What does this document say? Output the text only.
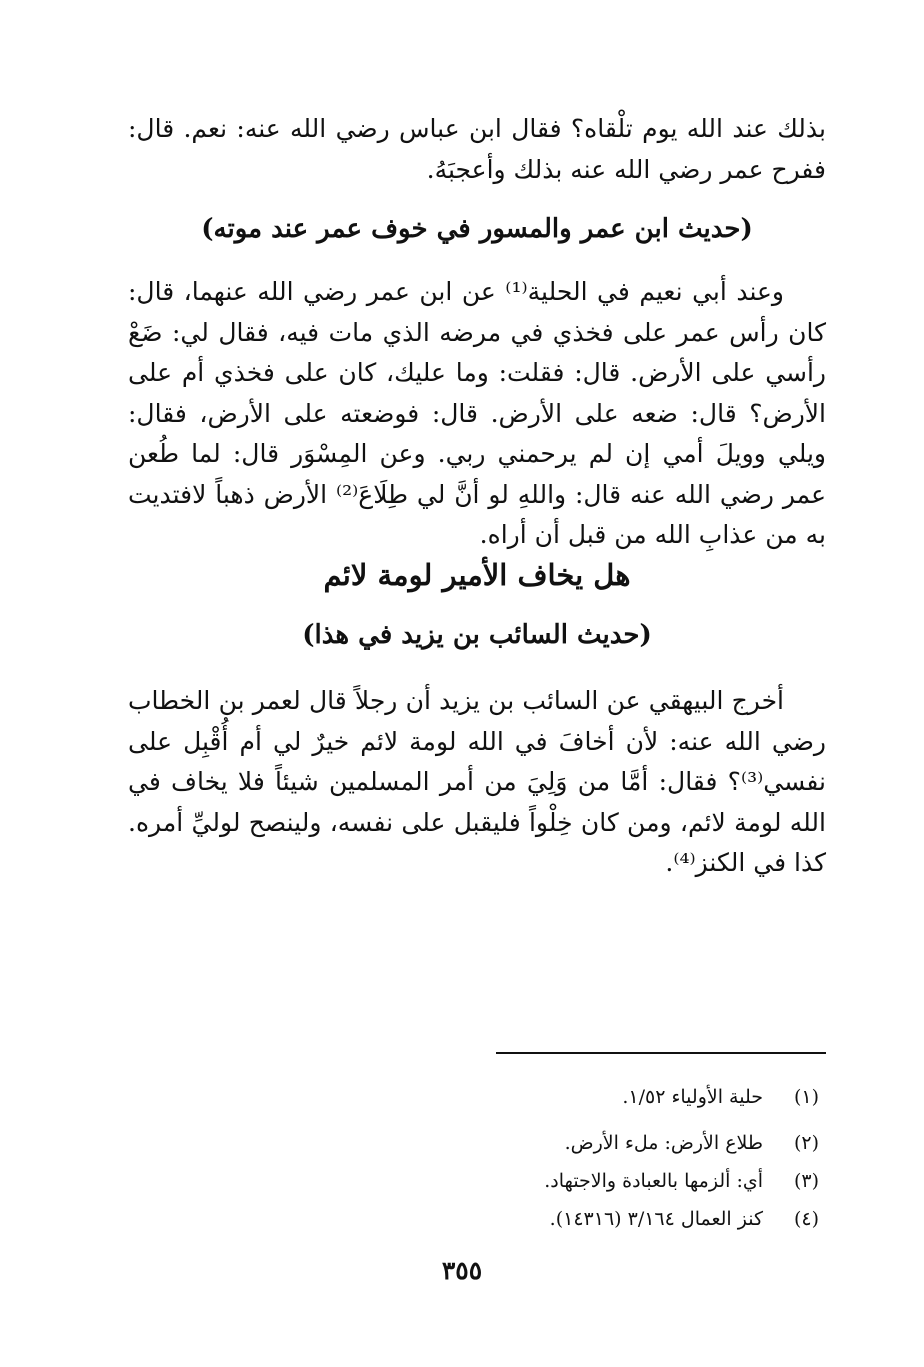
بذلك عند الله يوم تلْقاه؟ فقال ابن عباس رضي الله عنه: نعم. قال: ففرح عمر رضي الله عنه بذلك وأعجبَهُ.

(حديث ابن عمر والمسور في خوف عمر عند موته)

وعند أبي نعيم في الحلية⁽¹⁾ عن ابن عمر رضي الله عنهما، قال: كان رأس عمر على فخذي في مرضه الذي مات فيه، فقال لي: ضَعْ رأسي على الأرض. قال: فقلت: وما عليك، كان على فخذي أم على الأرض؟ قال: ضعه على الأرض. قال: فوضعته على الأرض، فقال: ويلي وويلَ أمي إن لم يرحمني ربي. وعن المِسْوَر قال: لما طُعن عمر رضي الله عنه قال: واللهِ لو أنَّ لي طِلَاعَ⁽²⁾ الأرض ذهباً لافتديت به من عذابِ الله من قبل أن أراه.

هل يخاف الأمير لومة لائم
(حديث السائب بن يزيد في هذا)

أخرج البيهقي عن السائب بن يزيد أن رجلاً قال لعمر بن الخطاب رضي الله عنه: لأن أخافَ في الله لومة لائم خيرٌ لي أم أُقْبِل على نفسي⁽³⁾؟ فقال: أمَّا من وَلِيَ من أمر المسلمين شيئاً فلا يخاف في الله لومة لائم، ومن كان خِلْواً فليقبل على نفسه، ولينصح لوليِّ أمره. كذا في الكنز⁽⁴⁾.

(١)حلية الأولياء ١/٥٢.
(٢)طلاع الأرض: ملء الأرض.
(٣)أي: ألزمها بالعبادة والاجتهاد.
(٤)كنز العمال ٣/١٦٤ (١٤٣١٦).
٣٥٥
